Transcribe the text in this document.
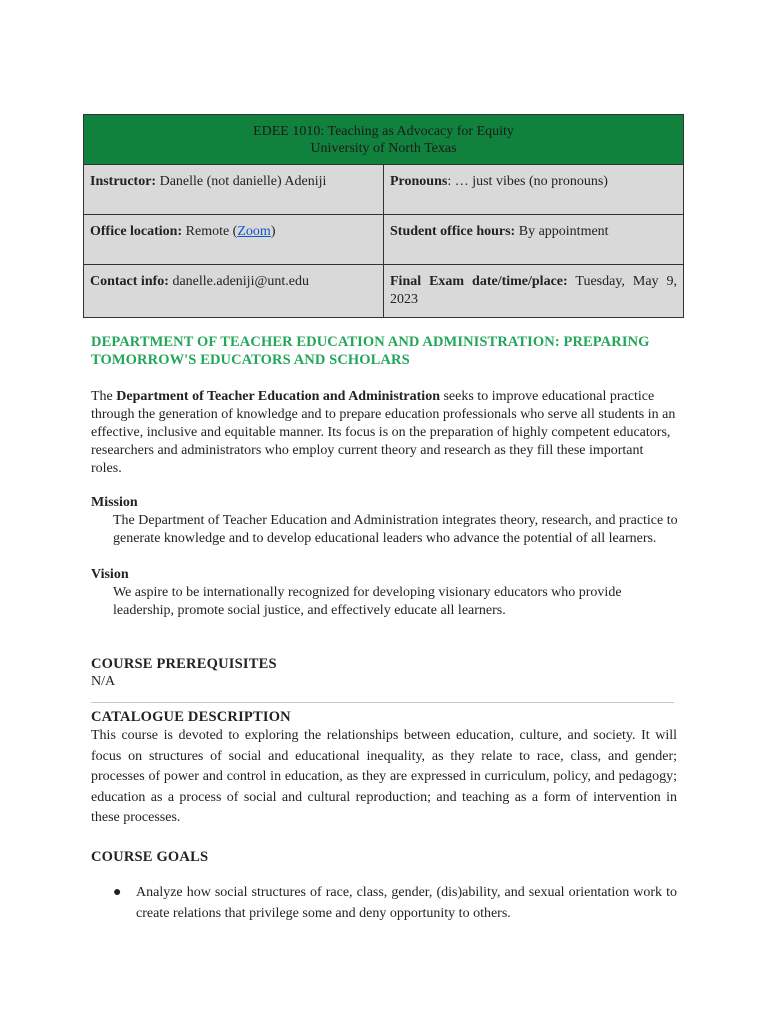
EDEE 1010: Teaching as Advocacy for Equity
University of North Texas	

Instructor: Danelle (not danielle) Adeniji	Pronouns: … just vibes (no pronouns)
Office location: Remote (Zoom)	Student office hours: By appointment
Contact info: danelle.adeniji@unt.edu	Final Exam date/time/place: Tuesday, May 9, 2023
DEPARTMENT OF TEACHER EDUCATION AND ADMINISTRATION: PREPARING
TOMORROW'S EDUCATORS AND SCHOLARS
The Department of Teacher Education and Administration seeks to improve educational practice through the generation of knowledge and to prepare education professionals who serve all students in an effective, inclusive and equitable manner. Its focus is on the preparation of highly competent educators, researchers and administrators who employ current theory and research as they fill these important roles.
Mission
The Department of Teacher Education and Administration integrates theory, research, and practice to generate knowledge and to develop educational leaders who advance the potential of all learners.
Vision
We aspire to be internationally recognized for developing visionary educators who provide leadership, promote social justice, and effectively educate all learners.
COURSE PREREQUISITES
N/A
CATALOGUE DESCRIPTION
This course is devoted to exploring the relationships between education, culture, and society. It will focus on structures of social and educational inequality, as they relate to race, class, and gender; processes of power and control in education, as they are expressed in curriculum, policy, and pedagogy; education as a process of social and cultural reproduction; and teaching as a form of intervention in these processes.
COURSE GOALS
● Analyze how social structures of race, class, gender, (dis)ability, and sexual orientation work to create relations that privilege some and deny opportunity to others.
